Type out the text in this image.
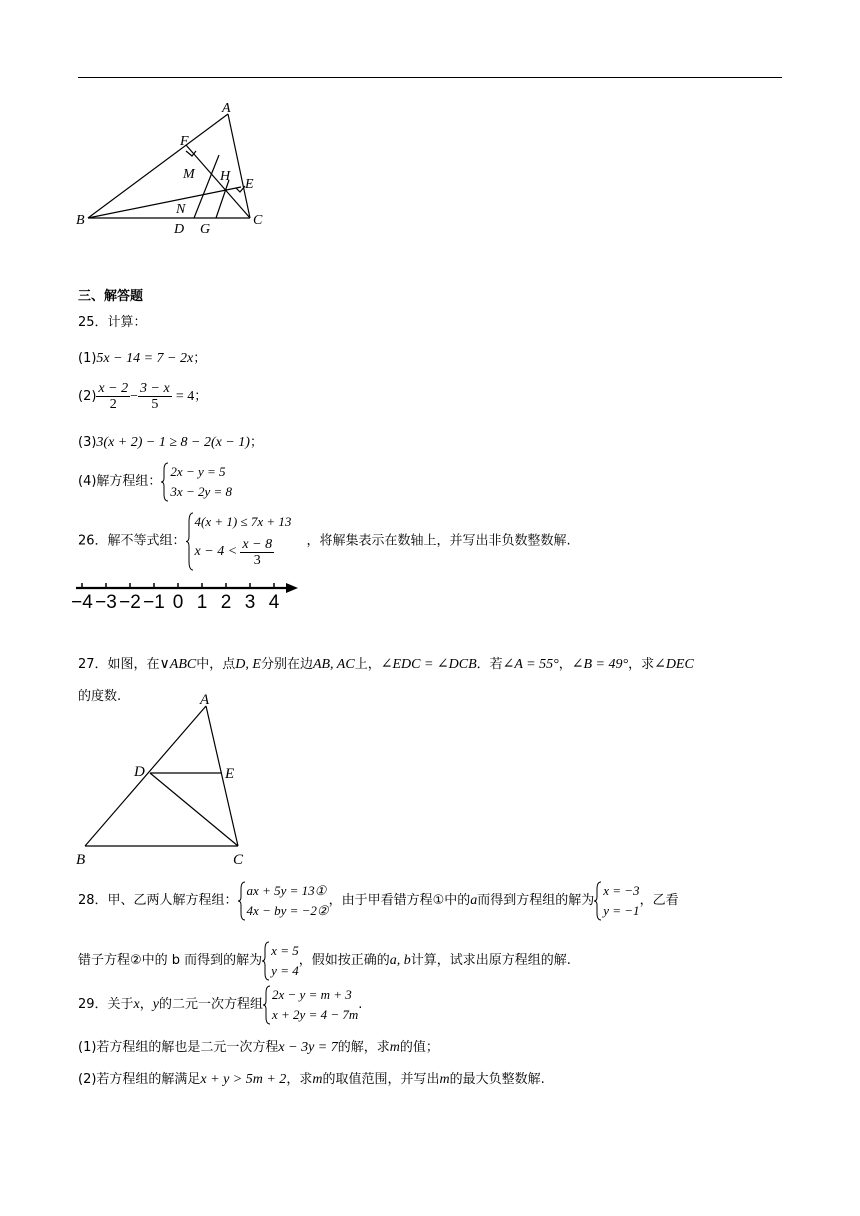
A
F
M H
E
N
B
D G
C
三、解答题
25．计算：
(1)5x − 14 = 7 − 2x；
$(2) \frac{x - 2}{2} - \frac{3 - x}{5} = 4$；
(3)3(x + 2) − 1 ≥ 8 − 2(x − 1)；
(4)解方程组：
2x − y = 5
3x − 2y = 8
26．解不等式组：
4(x + 1) ≤ 7x + 13
$x - 4 < \frac{x - 8}{3}$ ，将解集表示在数轴上，并写出非负数整数解.
−4 −3 −2 −1 0 1 2 3 4
27．如图，在∨ABC中，点D, E分别在边AB, AC上，∠EDC = ∠DCB．若∠A = 55°，∠B = 49°，求∠DEC
的度数.	A
D	E
B	C
28．甲、乙两人解方程组：
ax + 5y = 13①
4x − by = −2②
，由于甲看错方程①中的a而得到方程组的解为
x = −3
y = −1
，乙看
错子方程②中的 b 而得到的解为
x = 5
y = 4
，假如按正确的a, b计算，试求出原方程组的解.
29．关于x，y的二元一次方程组
2x − y = m + 3
x + 2y = 4 − 7m
.
(1)若方程组的解也是二元一次方程x − 3y = 7的解，求m的值；
(2)若方程组的解满足x + y > 5m + 2，求m的取值范围，并写出m的最大负整数解.
